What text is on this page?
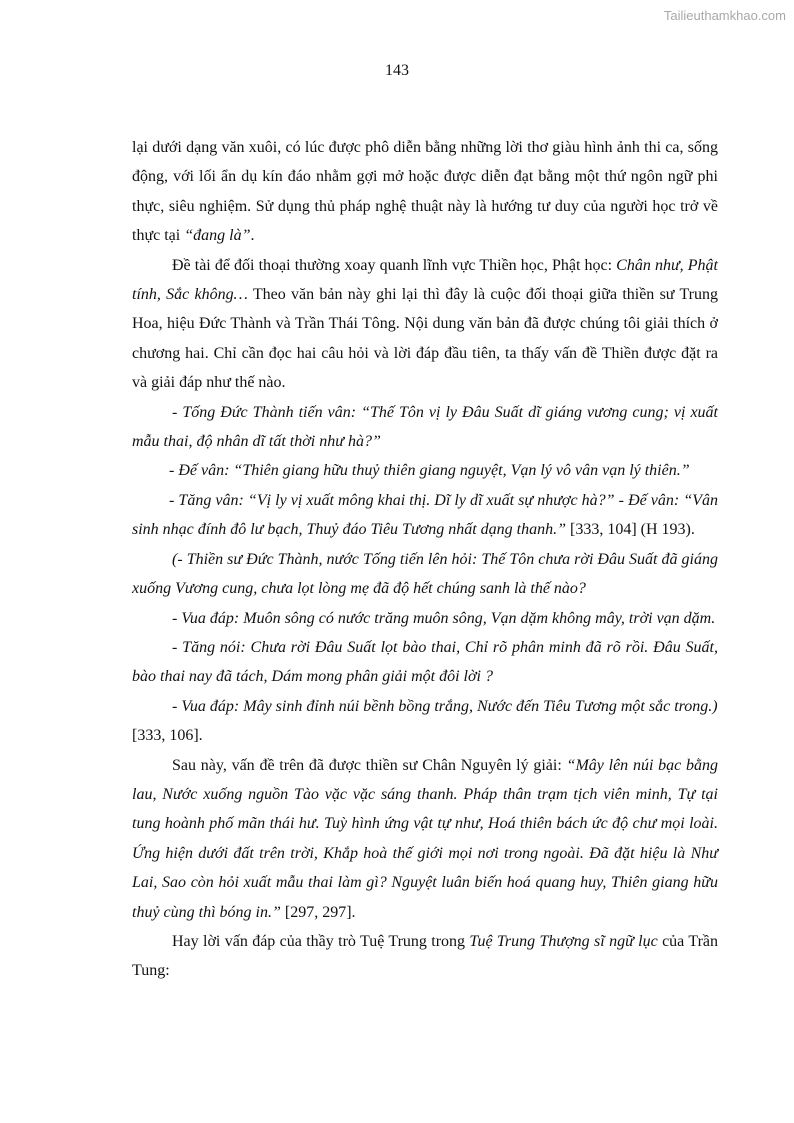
Tailieuthamkhao.com
143

lại dưới dạng văn xuôi, có lúc được phô diễn bằng những lời thơ giàu hình ảnh thi ca, sống động, với lối ẩn dụ kín đáo nhằm gợi mở hoặc được diễn đạt bằng một thứ ngôn ngữ phi thực, siêu nghiệm. Sử dụng thủ pháp nghệ thuật này là hướng tư duy của người học trở về thực tại “đang là”.

Đề tài để đối thoại thường xoay quanh lĩnh vực Thiền học, Phật học: Chân như, Phật tính, Sắc không… Theo văn bản này ghi lại thì đây là cuộc đối thoại giữa thiền sư Trung Hoa, hiệu Đức Thành và Trần Thái Tông. Nội dung văn bản đã được chúng tôi giải thích ở chương hai. Chỉ cần đọc hai câu hỏi và lời đáp đầu tiên, ta thấy vấn đề Thiền được đặt ra và giải đáp như thế nào.

- Tống Đức Thành tiến vân: “Thế Tôn vị ly Đâu Suất dĩ giáng vương cung; vị xuất mẫu thai, độ nhân dĩ tất thời như hà?”

- Đế vân: “Thiên giang hữu thuỷ thiên giang nguyệt, Vạn lý vô vân vạn lý thiên.”

- Tăng vân: “Vị ly vị xuất mông khai thị. Dĩ ly dĩ xuất sự nhược hà?” - Đế vân: “Vân sinh nhạc đính đô lư bạch, Thuỷ đáo Tiêu Tương nhất dạng thanh.” [333, 104] (H 193).

(- Thiền sư Đức Thành, nước Tống tiến lên hỏi: Thế Tôn chưa rời Đâu Suất đã giáng xuống Vương cung, chưa lọt lòng mẹ đã độ hết chúng sanh là thế nào?

- Vua đáp: Muôn sông có nước trăng muôn sông, Vạn dặm không mây, trời vạn dặm.

- Tăng nói: Chưa rời Đâu Suất lọt bào thai, Chỉ rõ phân minh đã rõ rồi. Đâu Suất, bào thai nay đã tách, Dám mong phân giải một đôi lời ?

- Vua đáp: Mây sinh đỉnh núi bềnh bồng trắng, Nước đến Tiêu Tương một sắc trong.)

[333, 106].

Sau này, vấn đề trên đã được thiền sư Chân Nguyên lý giải: “Mây lên núi bạc bằng lau, Nước xuống nguồn Tào vặc vặc sáng thanh. Pháp thân trạm tịch viên minh, Tự tại tung hoành phố mãn thái hư. Tuỳ hình ứng vật tự như, Hoá thiên bách ức độ chư mọi loài. Ứng hiện dưới đất trên trời, Khắp hoà thế giới mọi nơi trong ngoài. Đã đặt hiệu là Như Lai, Sao còn hỏi xuất mẫu thai làm gì? Nguyệt luân biến hoá quang huy, Thiên giang hữu thuỷ cùng thì bóng in.” [297, 297].

Hay lời vấn đáp của thầy trò Tuệ Trung trong Tuệ Trung Thượng sĩ ngữ lục của Trần Tung:
